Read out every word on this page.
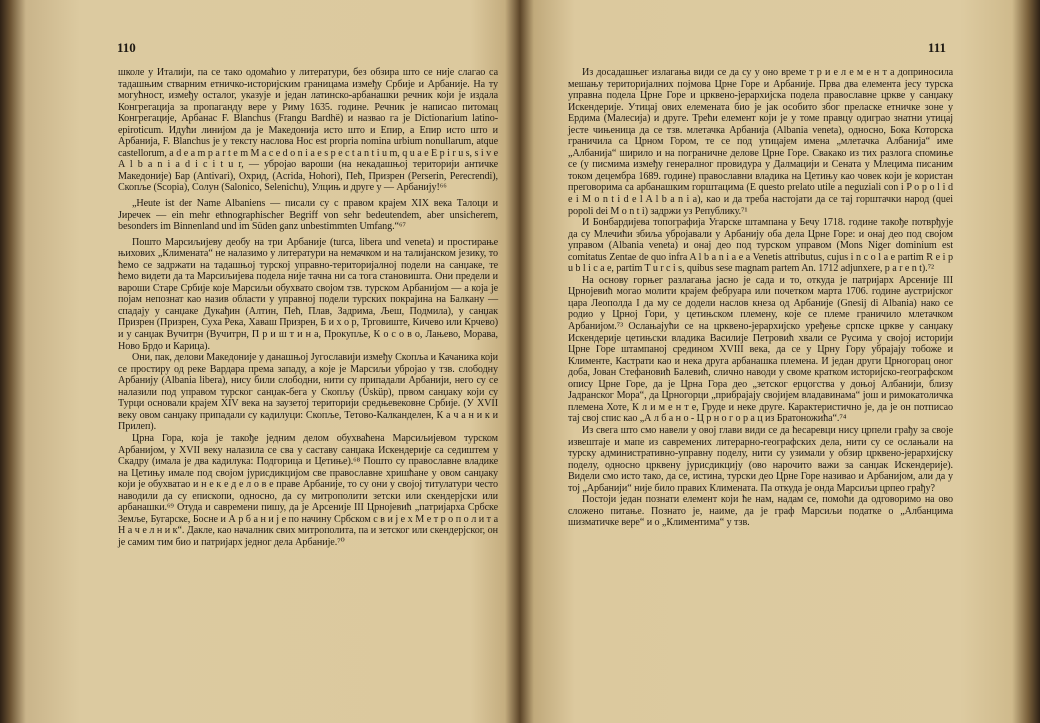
110

школе у Италији, па се тако одомаћио у литератури, без обзира што се није слагао са тадашњим стварним етничко-историјским границама између Србије и Арбаније. На ту могућност, између осталог, указује и један латинско-арбанашки речник који је издала Конгрегација за пропаганду вере у Риму 1635. године. Речник је написао питомац Конгрегације, Арбанас F. Blanchus (Frangu Bardhë) и назвао га је Dictionarium latino-epiroticum. Идући линијом да је Македонија исто што и Епир, а Епир исто што и Арбанија, F. Blanchus је у тексту наслова Hoc est propria nomina urbium nonullarum, atque castellorum, a d e a m p a r t e m M a c e d o n i a e s p e c t a n t i u m, q u a e E p i r u s, s i v e A l b a n i a d i c i t u r, — убројао вароши (на некадашњој територији античке Македоније) Бар (Antivari), Охрид, (Acrida, Hohori), Пећ, Призрен (Perserin, Perecrendi), Скопље (Scopia), Солун (Salonico, Selenichu), Улцињ и друге у — Арбанију!⁶⁶

„Heute ist der Name Albaniens — писали су с правом крајем XIX века Талоци и Јиречек — ein mehr ethnographischer Begriff von sehr bedeutendem, aber unsicherem, besonders im Binnenland und im Süden ganz unbestimmten Umfang.“⁶⁷

Пошто Марсиљијеву деобу на три Арбаније (turca, libera und veneta) и простирање њихових „Климената“ не налазимо у литератури на немачком и на талијанском језику, то ћемо се задржати на тадашњој турској управно-територијалној подели на санџаке, те ћемо видети да та Марсиљијева подела није тачна ни са тога становишта. Они предели и вароши Старе Србије које Марсиљи обухвато својом тзв. турском Арбанијом — а која је појам непознат као назив области у управној подели турских покрајина на Балкану — спадају у санџаке Дукађин (Алтин, Пећ, Плав, Задрима, Љеш, Подмила), у санџак Призрен (Призрен, Суха Река, Хаваш Призрен, Б и х о р, Трговиште, Кичево или Крчево) и у санџак Вучитрн (Вучитрн, П р и ш т и н а, Прокупље, К о с о в о, Лањево, Морава, Ново Брдо и Карица).

Они, пак, делови Македоније у данашњој Југославији између Скопља и Качаника који се простиру од реке Вардара према западу, а које је Марсиљи убројао у тзв. слободну Арбанију (Albania libera), нису били слободни, нити су припадали Арбанији, него су се налазили под управом турског санџак-бега у Скопљу (Üsküp), првом санџаку који су Турци основали крајем XIV века на заузетој територији средњевековне Србије. (У XVII веку овом санџаку припадали су кадилуци: Скопље, Тетово-Калканделен, К а ч а н и к и Прилеп).

Црна Гора, која је такође једним делом обухваћена Марсиљијевом турском Арбанијом, у XVII веку налазила се сва у саставу санџака Искендерије са седиштем у Скадру (имала је два кадилука: Подгорица и Цетиње).⁶⁸ Пошто су православне владике на Цетињу имале под својом јурисдикцијом све православне хришћане у овом санџаку који је обухватао и н е к е д е л о в е праве Арбаније, то су они у својој титулатури често наводили да су епископи, односно, да су митрополити зетски или скендерјски или арбанашки.⁶⁹ Отуда и савремени пишу, да је Арсеније III Црнојевић „патријарха Србске Земље, Бугарске, Босне и А р б а н и ј е по начину Србском с в и ј е х М е т р о п о л и т а Н а ч е л н и к“. Дакле, као началник свих митрополита, па и зетског или скендерјског, он је самим тим био и патријарх једног дела Арбаније.⁷⁰

111

Из досадашњег излагања види се да су у оно време т р и е л е м е н т а доприносила мешању територијалних појмова Црне Горе и Арбаније. Прва два елемента јесу турска управна подела Црне Горе и црквено-јерархијска подела православне цркве у санџаку Искендерије. Утицај ових елемената био је јак особито због преласке етничке зоне у Ердима (Малесија) и друге. Трећи елемент који је у томе правцу одиграо знатни утицај јесте чињеница да се тзв. млетачка Арбанија (Albania veneta), односно, Бока Которска граничила са Црном Гором, те се под утицајем имена „млетачка Албанија“ име „Албанија“ ширило и на пограничне делове Црне Горе. Свакако из тих разлога спомиње се (у писмима између генералног провидура у Далмацији и Сената у Млецима писаним током децембра 1689. године) православни владика на Цетињу као човек који је користан преговорима са арбанашким горштацима (E questo prelato utile a neguziali con i P o p o l i d e i M o n t i d e l A l b a n i a), као и да треба настојати да се тај горштачки народ (quei popoli dei M o n t i) задржи уз Републику.⁷¹

И Бонбардијева топографија Угарске штампана у Бечу 1718. године такође потврђује да су Млечићи збиља убројавали у Арбанију оба дела Црне Горе: и онај део под својом управом (Albania veneta) и онај део под турском управом (Mons Niger dominium est comitatus Zentae de quo infra A l b a n i a e a Venetis attributus, cujus i n c o l a e partim R e i p u b l i c a e, partim T u r c i s, quibus sese magnam partem An. 1712 adjunxere, p a r e n t).⁷²

На основу горњег разлагања јасно је сада и то, откуда је патријарх Арсеније III Црнојевић могао молити крајем фебруара или почетком марта 1706. године аустријског цара Леополда I да му се додели наслов кнеза од Арбаније (Gnesij di Albania) нако се родио у Црној Гори, у цетињском племену, које се племе граничило млетачком Арбанијом.⁷³ Ослањајући се на црквено-јерархијско уређење српске цркве у санџаку Искендерије цетињски владика Василије Петровић хвали се Русима у својој историји Црне Горе штампаној средином XVIII века, да се у Црну Гору убрајају тобоже и Клименте, Кастрати као и нека друга арбанашка племена. И један други Црногорац оног доба, Јован Стефановић Балевић, слично наводи у своме кратком историјско-географском опису Црне Горе, да је Црна Гора део „зетског ерцогства у доњој Албанији, близу Јадранског Мора“, да Црногорци „прибрајају својијем владавинама“ још и римокатоличка племена Хоте, К л и м е н т е, Груде и неке друге. Карактеристично је, да је он потписао тај свој спис као „А л б а н о - Ц р н о г о р а ц из Братоножића“.⁷⁴

Из свега што смо навели у овој глави види се да ћесаревци нису црпели грађу за своје извештаје и мапе из савремених литерарно-географских дела, нити су се ослањали на турску административно-управну поделу, нити су узимали у обзир црквено-јерархијску поделу, односно црквену јурисдикцију (ово нарочито важи за санџак Искендерије). Видели смо исто тако, да се, истина, турски део Црне Горе називао и Арбанијом, али да у тој „Арбанији“ није било правих Климената. Па откуда је онда Марсиљи црпео грађу?

Постоји један познати елемент који ће нам, надам се, помоћи да одговоримо на ово сложено питање. Познато је, наиме, да је граф Марсиљи податке о „Албанцима шизматичке вере“ и о „Климентима“ у тзв.
